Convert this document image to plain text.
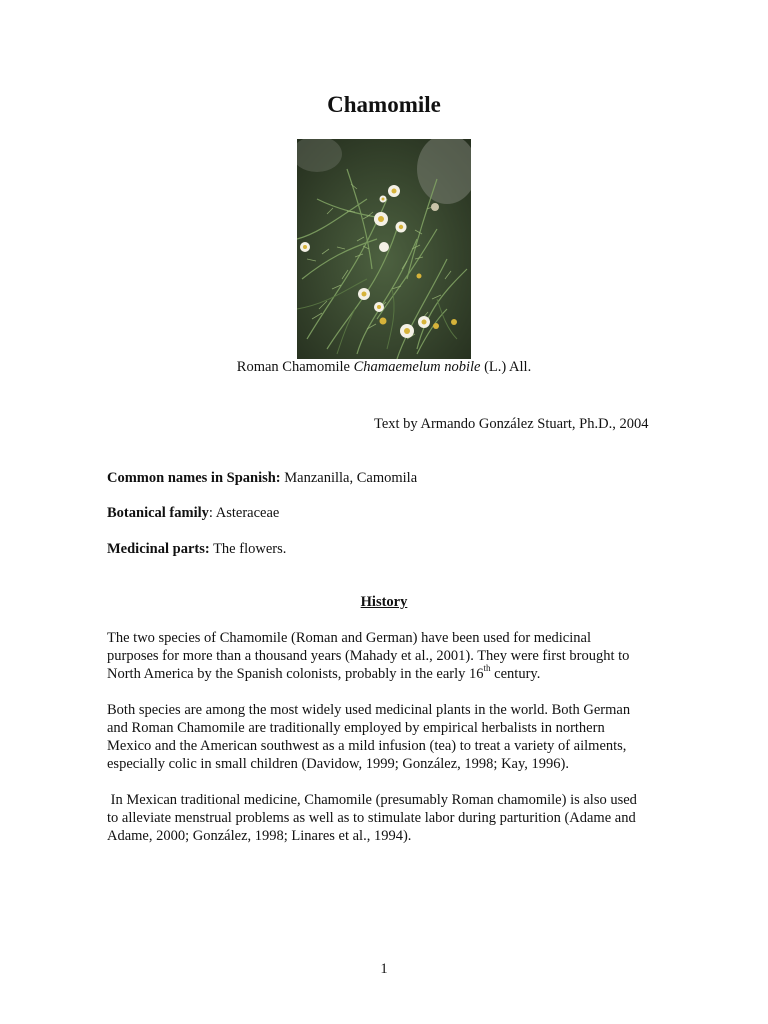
Chamomile
Roman Chamomile Chamaemelum nobile (L.) All.
Text by Armando González Stuart, Ph.D., 2004
Common names in Spanish: Manzanilla, Camomila
Botanical family: Asteraceae
Medicinal parts: The flowers.
History
The two species of Chamomile (Roman and German) have been used for medicinal
purposes for more than a thousand years (Mahady et al., 2001). They were first brought to
North America by the Spanish colonists, probably in the early 16th century.
Both species are among the most widely used medicinal plants in the world. Both German
and Roman Chamomile are traditionally employed by empirical herbalists in northern
Mexico and the American southwest as a mild infusion (tea) to treat a variety of ailments,
especially colic in small children (Davidow, 1999; González, 1998; Kay, 1996).
In Mexican traditional medicine, Chamomile (presumably Roman chamomile) is also used
to alleviate menstrual problems as well as to stimulate labor during parturition (Adame and
Adame, 2000; González, 1998; Linares et al., 1994).
1
